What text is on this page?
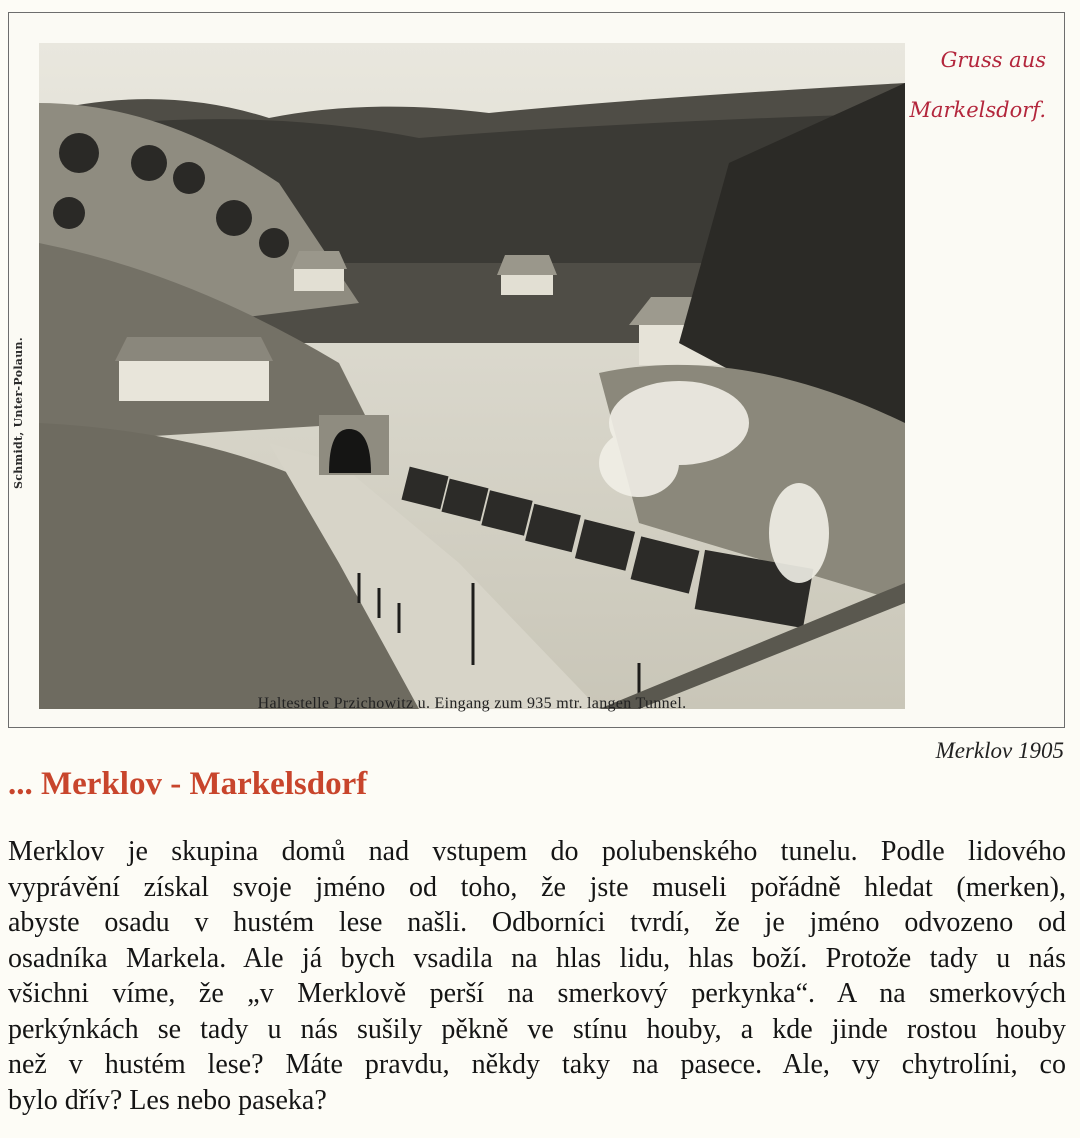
Schmidt, Unter-Polaun.
Gruss aus
Markelsdorf.
Haltestelle Przichowitz u. Eingang zum 935 mtr. langen Tunnel.
Merklov 1905
... Merklov - Markelsdorf

Merklov je skupina domů nad vstupem do polubenského tunelu. Podle lidového
vyprávění získal svoje jméno od toho, že jste museli pořádně hledat (merken),
abyste osadu v hustém lese našli. Odborníci tvrdí, že je jméno odvozeno od
osadníka Markela. Ale já bych vsadila na hlas lidu, hlas boží. Protože tady u nás
všichni víme, že „v Merklově perší na smerkový perkynka“. A na smerkových
perkýnkách se tady u nás sušily pěkně ve stínu houby, a kde jinde rostou houby
než v hustém lese? Máte pravdu, někdy taky na pasece. Ale, vy chytrolíni, co
bylo dřív? Les nebo paseka?
